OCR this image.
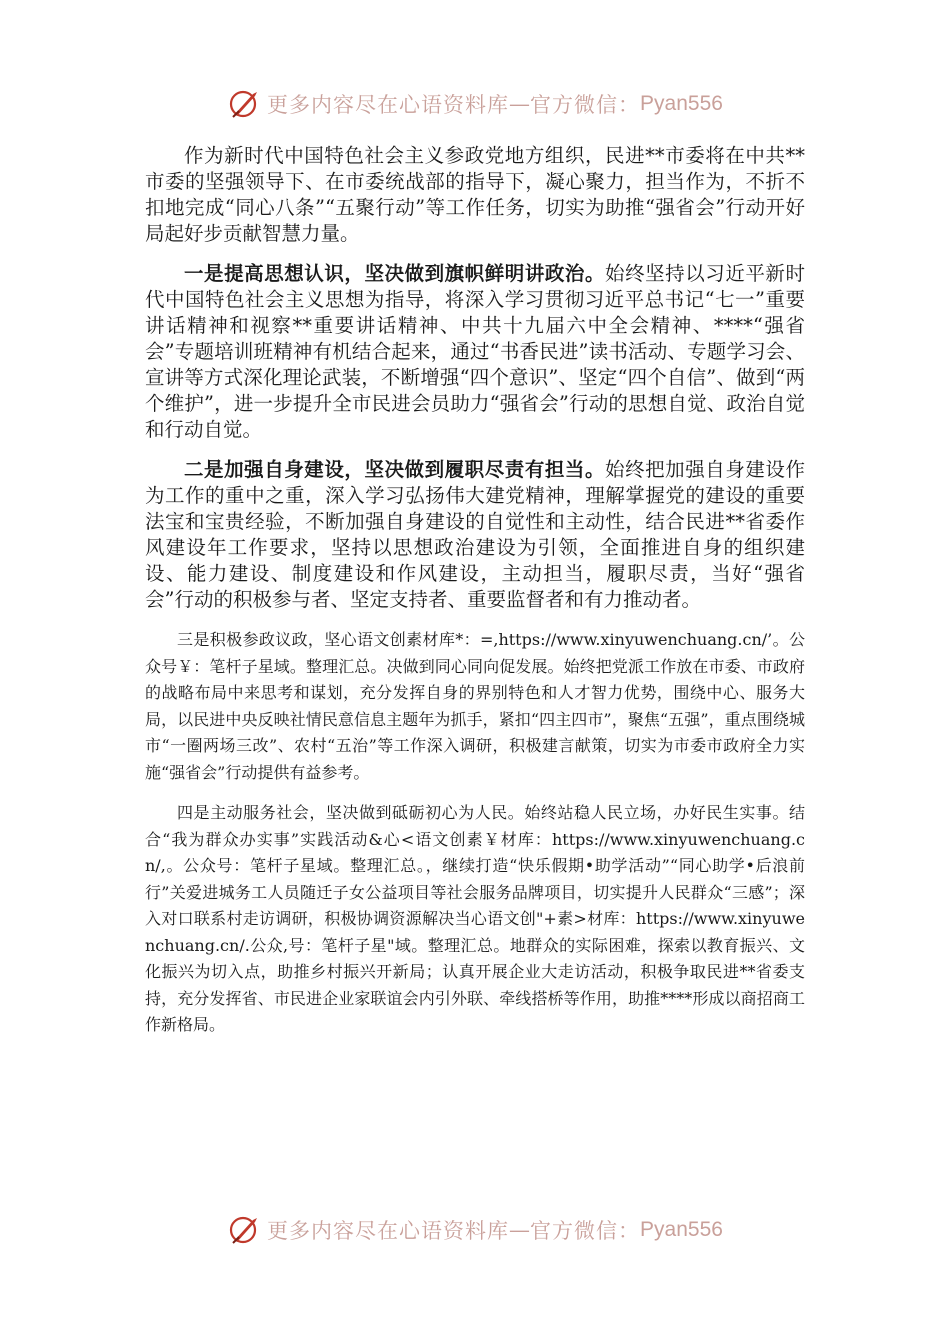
更多内容尽在心语资料库 — 官方微信： Pyan556

作为新时代中国特色社会主义参政党地方组织，民进**市委将在中共**市委的坚强领导下、在市委统战部的指导下，凝心聚力，担当作为，不折不扣地完成“同心八条”“五聚行动”等工作任务，切实为助推“强省会”行动开好局起好步贡献智慧力量。

一是提高思想认识，坚决做到旗帜鲜明讲政治。始终坚持以习近平新时代中国特色社会主义思想为指导，将深入学习贯彻习近平总书记“七一”重要讲话精神和视察**重要讲话精神、中共十九届六中全会精神、****“强省会”专题培训班精神有机结合起来，通过“书香民进”读书活动、专题学习会、宣讲等方式深化理论武装，不断增强“四个意识”、坚定“四个自信”、做到“两个维护”，进一步提升全市民进会员助力“强省会”行动的思想自觉、政治自觉和行动自觉。

二是加强自身建设，坚决做到履职尽责有担当。始终把加强自身建设作为工作的重中之重，深入学习弘扬伟大建党精神，理解掌握党的建设的重要法宝和宝贵经验，不断加强自身建设的自觉性和主动性，结合民进**省委作风建设年工作要求，坚持以思想政治建设为引领，全面推进自身的组织建设、能力建设、制度建设和作风建设，主动担当，履职尽责，当好“强省会”行动的积极参与者、坚定支持者、重要监督者和有力推动者。

三是积极参政议政，坚心语文创素材库*：=,https://www.xinyuwenchuang.cn/’。公众号￥：笔杆子星域。整理汇总。决做到同心同向促发展。始终把党派工作放在市委、市政府的战略布局中来思考和谋划，充分发挥自身的界别特色和人才智力优势，围绕中心、服务大局，以民进中央反映社情民意信息主题年为抓手，紧扣“四主四市”，聚焦“五强”，重点围绕城市“一圈两场三改”、农村“五治”等工作深入调研，积极建言献策，切实为市委市政府全力实施“强省会”行动提供有益参考。

四是主动服务社会，坚决做到砥砺初心为人民。始终站稳人民立场，办好民生实事。结合“我为群众办实事”实践活动&心<语文创素￥材库：https://www.xinyuwenchuang.cn/,。公众号：笔杆子星域。整理汇总。，继续打造“快乐假期•助学活动”“同心助学•后浪前行”关爱进城务工人员随迁子女公益项目等社会服务品牌项目，切实提升人民群众“三感”；深入对口联系村走访调研，积极协调资源解决当心语文创"+素>材库：https://www.xinyuwenchuang.cn/.公众,号：笔杆子星"域。整理汇总。地群众的实际困难，探索以教育振兴、文化振兴为切入点，助推乡村振兴开新局；认真开展企业大走访活动，积极争取民进**省委支持，充分发挥省、市民进企业家联谊会内引外联、牵线搭桥等作用，助推****形成以商招商工作新格局。

更多内容尽在心语资料库 — 官方微信： Pyan556
